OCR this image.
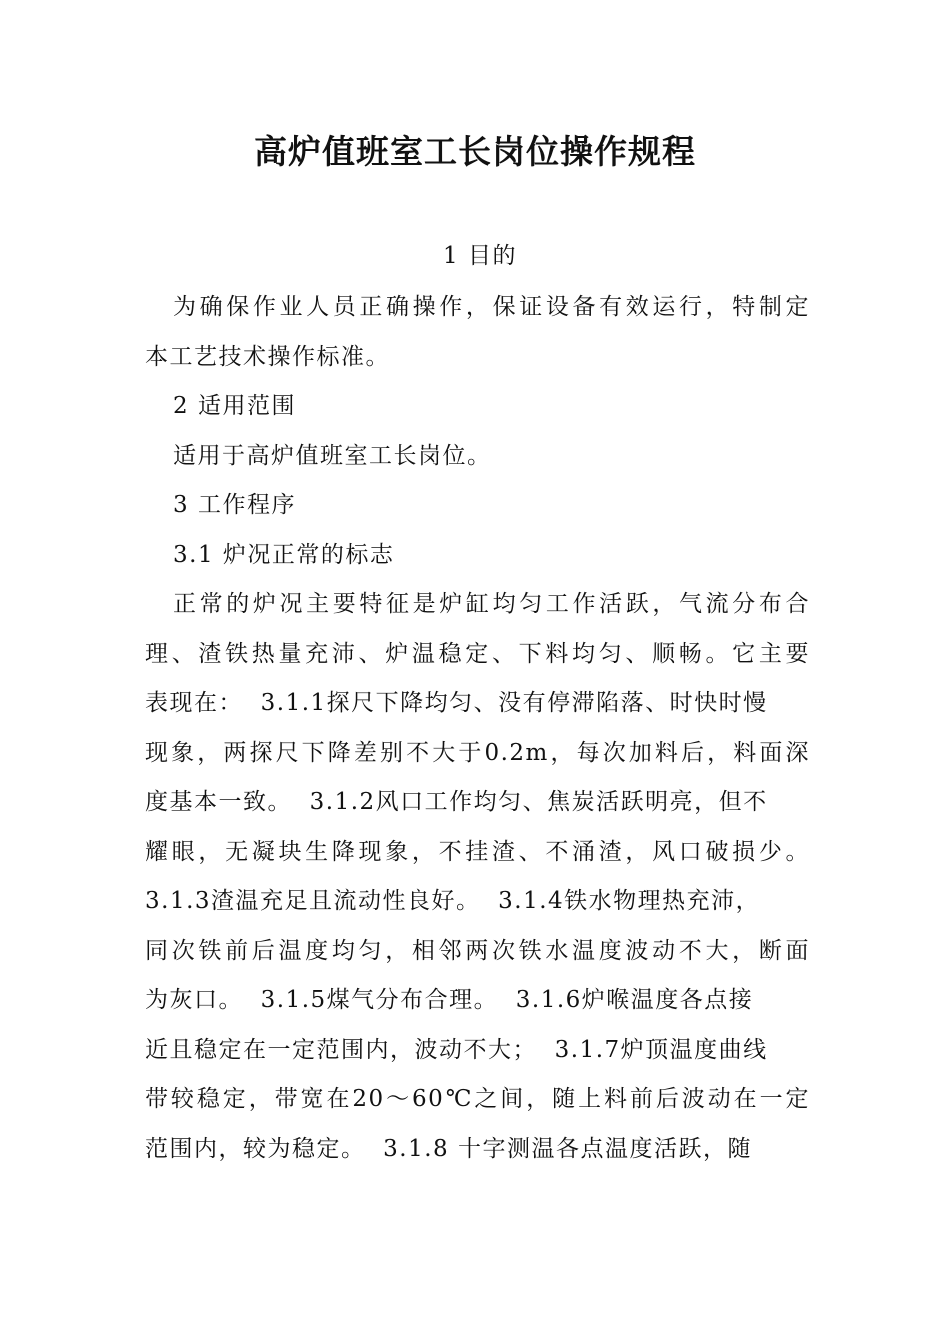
高炉值班室工长岗位操作规程
1 目的
为确保作业人员正确操作，保证设备有效运行，特制定
本工艺技术操作标准。
2 适用范围
适用于高炉值班室工长岗位。
3 工作程序
3.1 炉况正常的标志
正常的炉况主要特征是炉缸均匀工作活跃，气流分布合
理、渣铁热量充沛、炉温稳定、下料均匀、顺畅。它主要
表现在：  3.1.1探尺下降均匀、没有停滞陷落、时快时慢
现象，两探尺下降差别不大于0.2m，每次加料后，料面深
度基本一致。  3.1.2风口工作均匀、焦炭活跃明亮，但不
耀眼，无凝块生降现象，不挂渣、不涌渣，风口破损少。
3.1.3渣温充足且流动性良好。  3.1.4铁水物理热充沛，
同次铁前后温度均匀，相邻两次铁水温度波动不大，断面
为灰口。  3.1.5煤气分布合理。  3.1.6炉喉温度各点接
近且稳定在一定范围内，波动不大；  3.1.7炉顶温度曲线
带较稳定，带宽在20～60℃之间，随上料前后波动在一定
范围内，较为稳定。  3.1.8 十字测温各点温度活跃，随
